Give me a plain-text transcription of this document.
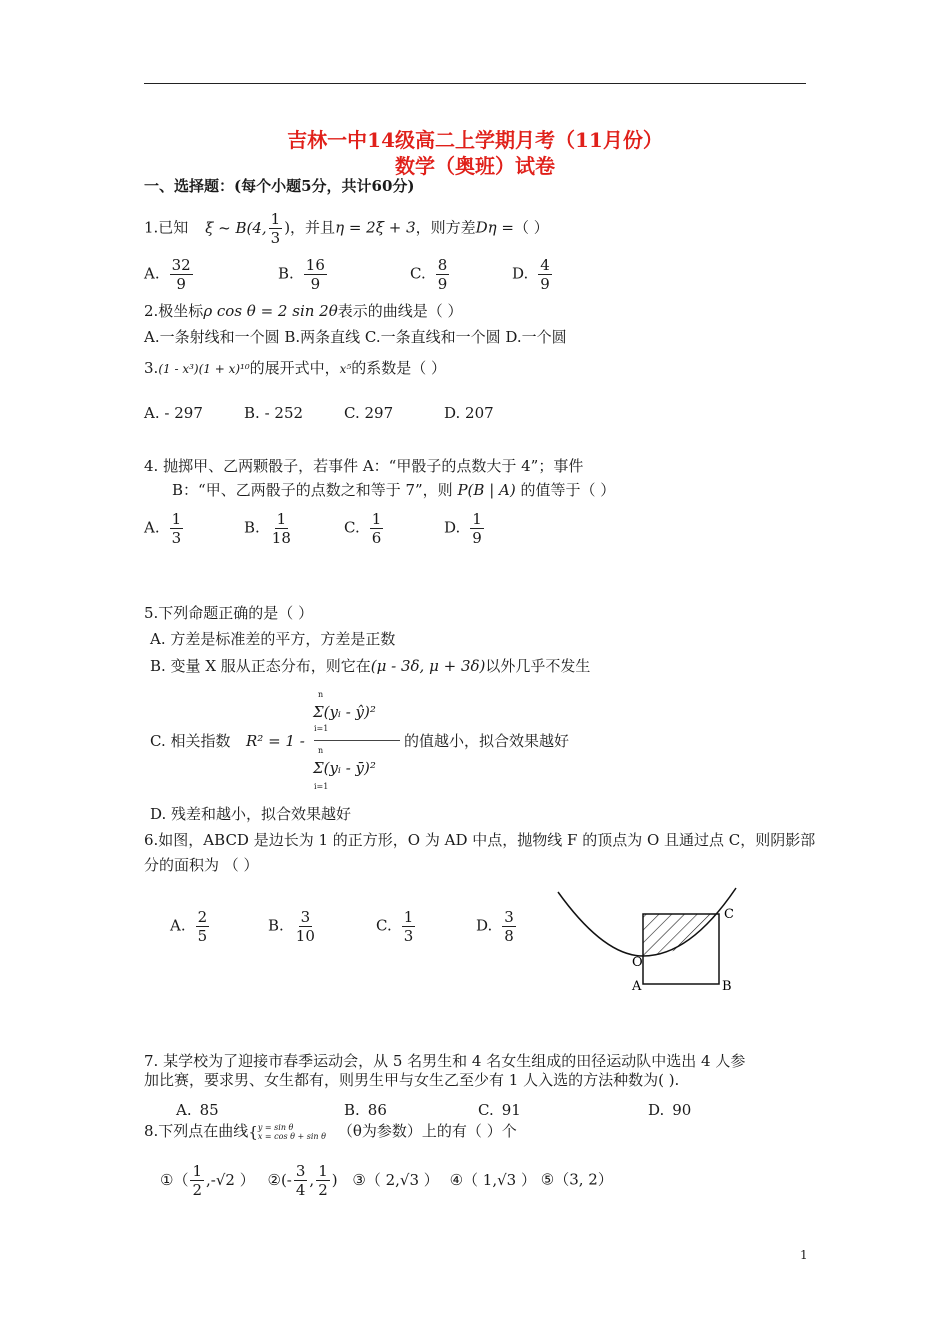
吉林一中14级高二上学期月考（11月份）
数学（奥班）试卷
一、选择题：(每个小题5分，共计60分)
1.已知 ξ ~ B(4, $\frac{1}{3}$ )，并且η = 2ξ + 3，则方差Dη =（ ）
A. $\frac{32}{9}$	B. $\frac{16}{9}$	C. $\frac{8}{9}$	D. $\frac{4}{9}$
2.极坐标ρ cos θ = 2 sin 2θ表示的曲线是（ ）
A.一条射线和一个圆 B.两条直线 C.一条直线和一个圆 D.一个圆
3.(1 - x³)(1 + x)¹⁰的展开式中，x⁵的系数是（ ）
A. - 297	B. - 252	C. 297	D. 207
4. 抛掷甲、乙两颗骰子，若事件 A：“甲骰子的点数大于 4”；事件
B：“甲、乙两骰子的点数之和等于 7”，则 P(B | A) 的值等于（ ）
A. $\frac{1}{3}$	B. $\frac{1}{18}$	C. $\frac{1}{6}$	D. $\frac{1}{9}$
5.下列命题正确的是（ ）
A. 方差是标准差的平方，方差是正数
B. 变量 X 服从正态分布，则它在(μ - 3δ, μ + 3δ)以外几乎不发生
C. 相关指数 R² = 1 -
n
Σ(yᵢ - ŷ)²
i=1
n
Σ(yᵢ - ȳ)²
i=1
的值越小，拟合效果越好
D. 残差和越小，拟合效果越好
6.如图，ABCD 是边长为 1 的正方形，O 为 AD 中点，抛物线 F 的顶点为 O 且通过点 C，则阴影部
分的面积为 （ ）
A. $\frac{2}{5}$	B. $\frac{3}{10}$	C. $\frac{1}{3}$	D. $\frac{3}{8}$	C
O
A	B
7. 某学校为了迎接市春季运动会，从 5 名男生和 4 名女生组成的田径运动队中选出 4 人参
加比赛，要求男、女生都有，则男生甲与女生乙至少有 1 人入选的方法种数为( ).
A. 85	B. 86	C. 91	D. 90
8.下列点在曲线{ y = sin θ
x = cos θ + sin θ （θ为参数）上的有（ ）个
①（ $\frac{1}{2} ,-√2$ ） ②(- $\frac{3}{4}$ , $\frac{1}{2}$ ) ③（ 2,√3 ） ④（ 1,√3 ） ⑤（3, 2）
1
